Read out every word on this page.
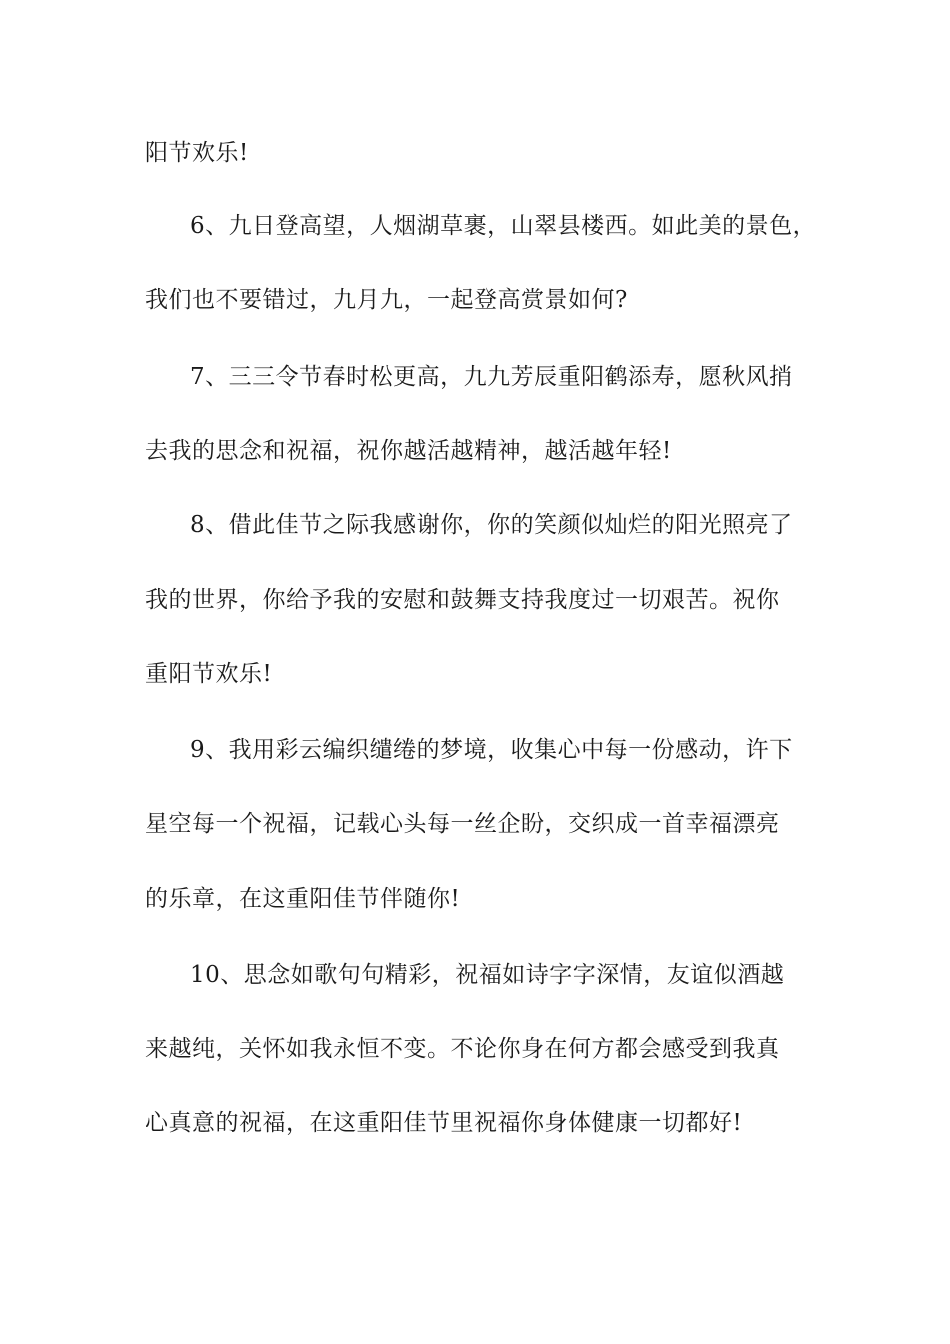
阳节欢乐!
6、九日登高望，人烟湖草裹，山翠县楼西。如此美的景色，
我们也不要错过，九月九，一起登高赏景如何?
7、三三令节春时松更高，九九芳辰重阳鹤添寿，愿秋风捎
去我的思念和祝福，祝你越活越精神，越活越年轻!
8、借此佳节之际我感谢你，你的笑颜似灿烂的阳光照亮了
我的世界，你给予我的安慰和鼓舞支持我度过一切艰苦。祝你
重阳节欢乐!
9、我用彩云编织缱绻的梦境，收集心中每一份感动，许下
星空每一个祝福，记载心头每一丝企盼，交织成一首幸福漂亮
的乐章，在这重阳佳节伴随你!
10、思念如歌句句精彩，祝福如诗字字深情，友谊似酒越
来越纯，关怀如我永恒不变。不论你身在何方都会感受到我真
心真意的祝福，在这重阳佳节里祝福你身体健康一切都好!
